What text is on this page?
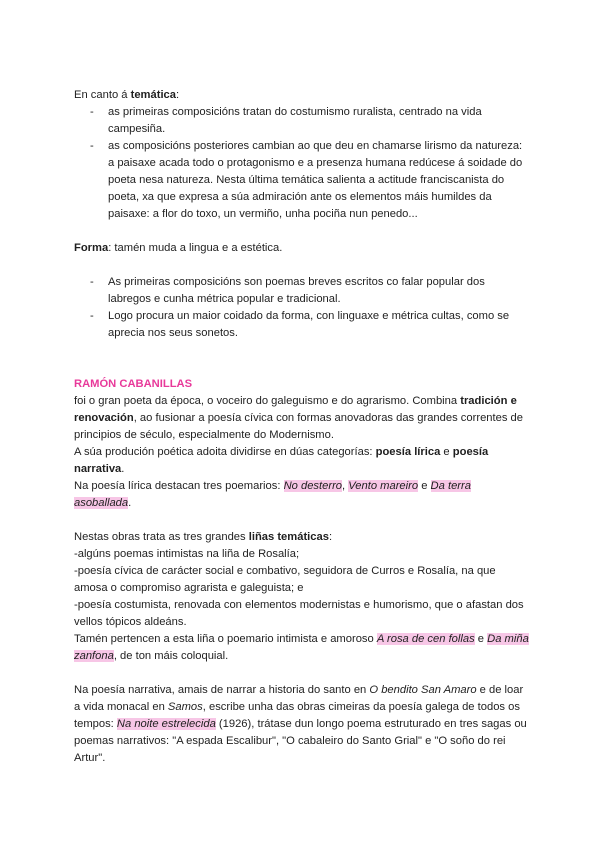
En canto á temática:

- as primeiras composicións tratan do costumismo ruralista, centrado na vida campesiña.
- as composicións posteriores cambian ao que deu en chamarse lirismo da natureza: a paisaxe acada todo o protagonismo e a presenza humana redúcese á soidade do poeta nesa natureza. Nesta última temática salienta a actitude franciscanista do poeta, xa que expresa a súa admiración ante os elementos máis humildes da paisaxe: a flor do toxo, un vermiño, unha pociña nun penedo...

Forma: tamén muda a lingua e a estética.

- As primeiras composicións son poemas breves escritos co falar popular dos labregos e cunha métrica popular e tradicional.
- Logo procura un maior coidado da forma, con linguaxe e métrica cultas, como se aprecia nos seus sonetos.

RAMÓN CABANILLAS

foi o gran poeta da época, o voceiro do galeguismo e do agrarismo. Combina tradición e renovación, ao fusionar a poesía cívica con formas anovadoras das grandes correntes de principios de século, especialmente do Modernismo.

A súa produción poética adoita dividirse en dúas categorías: poesía lírica e poesía narrativa.

Na poesía lírica destacan tres poemarios: No desterro, Vento mareiro e Da terra asoballada.

Nestas obras trata as tres grandes liñas temáticas:

-algúns poemas intimistas na liña de Rosalía;

-poesía cívica de carácter social e combativo, seguidora de Curros e Rosalía, na que amosa o compromiso agrarista e galeguista; e

-poesía costumista, renovada con elementos modernistas e humorismo, que o afastan dos vellos tópicos aldeáns.

Tamén pertencen a esta liña o poemario intimista e amoroso A rosa de cen follas e Da miña zanfona, de ton máis coloquial.

Na poesía narrativa, amais de narrar a historia do santo en O bendito San Amaro e de loar a vida monacal en Samos, escribe unha das obras cimeiras da poesía galega de todos os tempos: Na noite estrelecida (1926), trátase dun longo poema estruturado en tres sagas ou poemas narrativos: "A espada Escalibur", "O cabaleiro do Santo Grial" e "O soño do rei Artur".
